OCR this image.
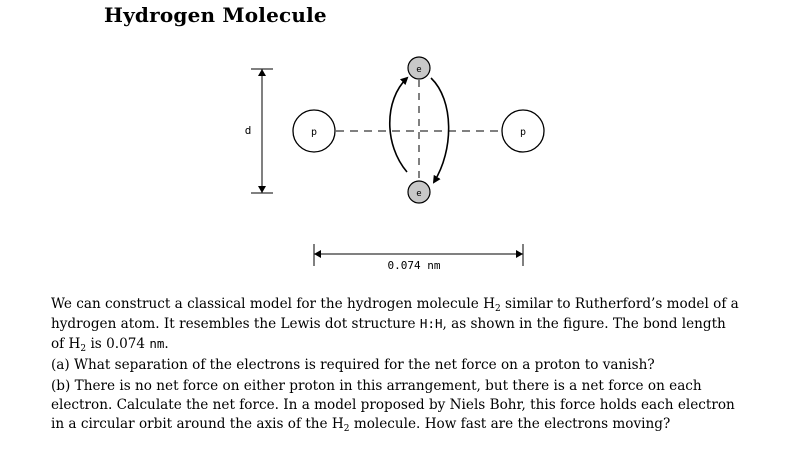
Hydrogen Molecule
d	p	p
e
e
0.074 nm

We can construct a classical model for the hydrogen molecule $H_2$ similar to Rutherford’s model of a hydrogen atom. It resembles the Lewis dot structure H:H, as shown in the figure. The bond length of $H_2$ is 0.074 nm.

(a) What separation of the electrons is required for the net force on a proton to vanish?

(b) There is no net force on either proton in this arrangement, but there is a net force on each electron. Calculate the net force. In a model proposed by Niels Bohr, this force holds each electron in a circular orbit around the axis of the $H_2$ molecule. How fast are the electrons moving?
